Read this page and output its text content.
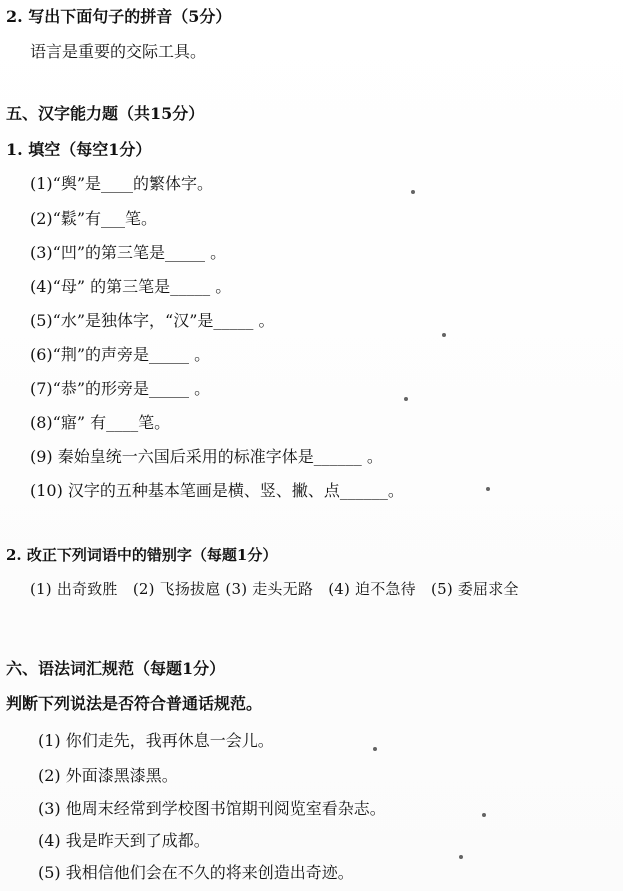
2. 写出下面句子的拼音（5分）
语言是重要的交际工具。
五、汉字能力题（共15分）
1. 填空（每空1分）
(1)“舆”是____的繁体字。
(2)“鬏”有___笔。
(3)“凹”的第三笔是_____ 。
(4)“母” 的第三笔是_____ 。
(5)“水”是独体字，“汉”是_____ 。
(6)“荆”的声旁是_____ 。
(7)“恭”的形旁是_____ 。
(8)“寤” 有____笔。
(9) 秦始皇统一六国后采用的标准字体是______ 。
(10) 汉字的五种基本笔画是横、竖、撇、点______。
2. 改正下列词语中的错别字（每题1分）
(1) 出奇致胜　(2) 飞扬拔扈 (3) 走头无路　(4) 迫不急待　(5) 委屈求全
六、语法词汇规范（每题1分）
判断下列说法是否符合普通话规范。
(1) 你们走先，我再休息一会儿。
(2) 外面漆黑漆黑。
(3) 他周末经常到学校图书馆期刊阅览室看杂志。
(4) 我是昨天到了成都。
(5) 我相信他们会在不久的将来创造出奇迹。
